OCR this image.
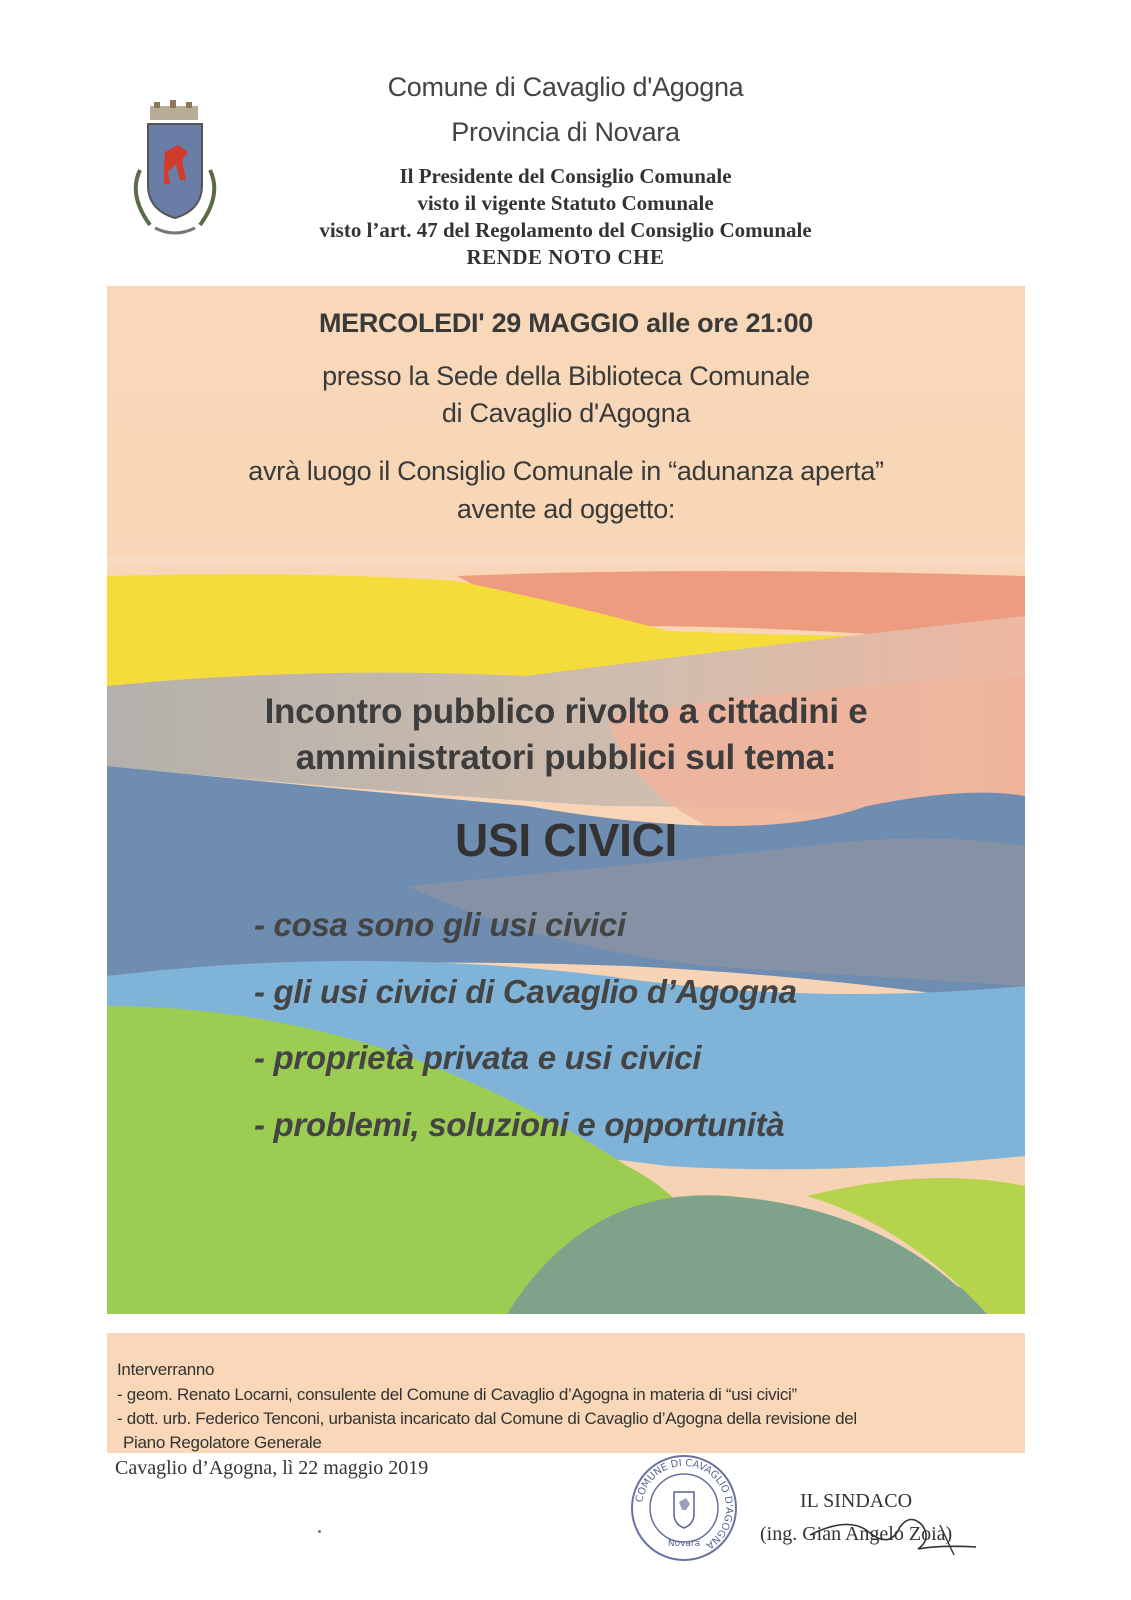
Comune di Cavaglio d'Agogna
Provincia di Novara
Il Presidente del Consiglio Comunale
visto il vigente Statuto Comunale
visto l’art. 47 del Regolamento del Consiglio Comunale
RENDE NOTO CHE
MERCOLEDI' 29 MAGGIO alle ore 21:00
presso la Sede della Biblioteca Comunale
di Cavaglio d'Agogna
avrà luogo il Consiglio Comunale in “adunanza aperta”
avente ad oggetto:
Incontro pubblico rivolto a cittadini e
amministratori pubblici sul tema:
USI CIVICI
- cosa sono gli usi civici
- gli usi civici di Cavaglio d’Agogna
- proprietà privata e usi civici
- problemi, soluzioni e opportunità
Interverranno
- geom. Renato Locarni, consulente del Comune di Cavaglio d’Agogna in materia di “usi civici”
- dott. urb. Federico Tenconi, urbanista incaricato dal Comune di Cavaglio d’Agogna della revisione del
Piano Regolatore Generale
Cavaglio d’Agogna, lì 22 maggio 2019
COMUNE DI CAVAGLIO D'AGOGNA
Novara
IL SINDACO
(ing. Gian Angelo Zoia)
